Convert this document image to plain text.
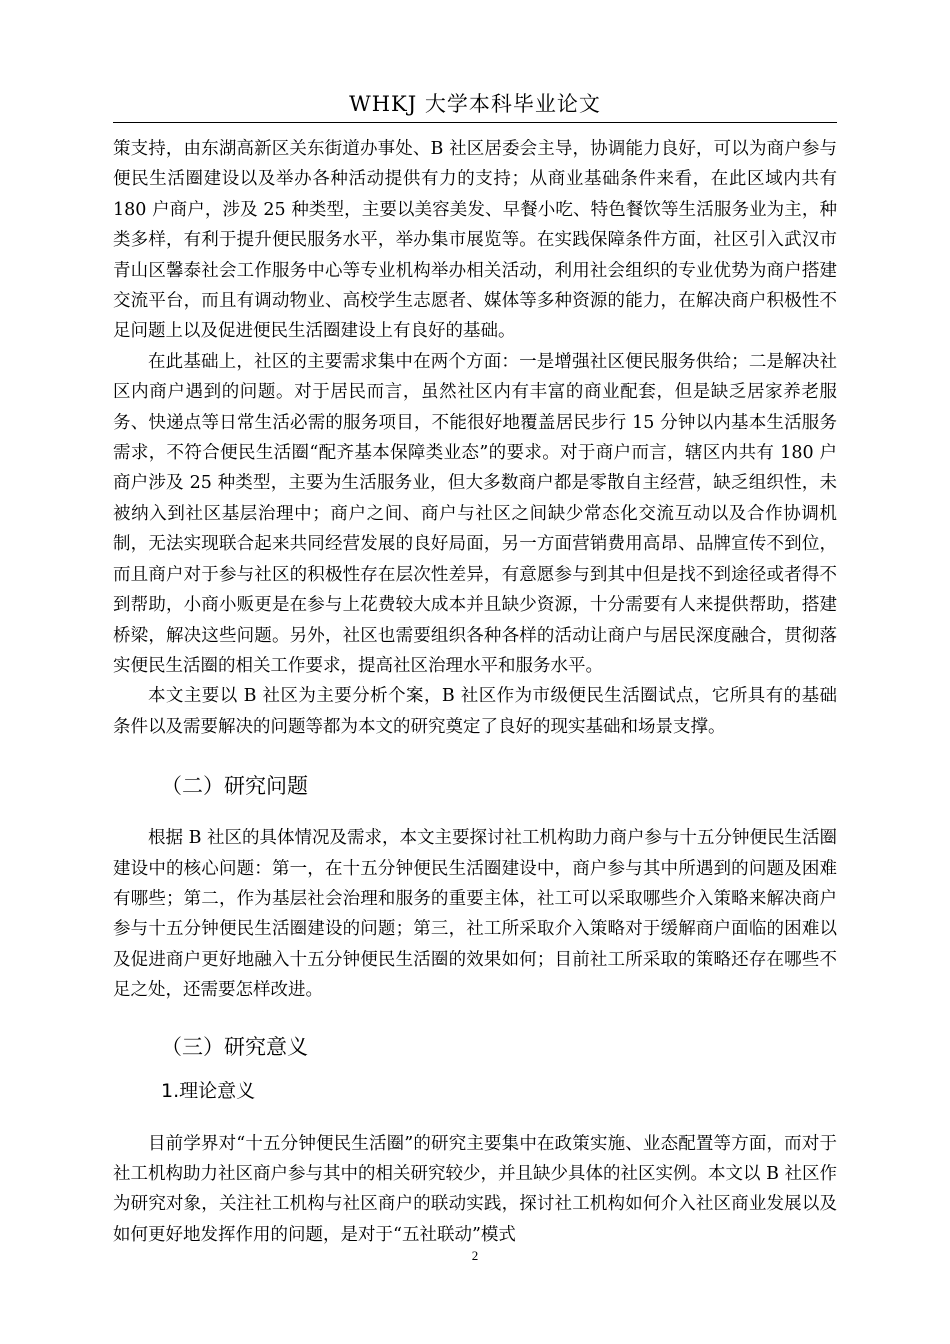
WHKJ 大学本科毕业论文

策支持，由东湖高新区关东街道办事处、B 社区居委会主导，协调能力良好，可以为商户参与便民生活圈建设以及举办各种活动提供有力的支持；从商业基础条件来看，在此区域内共有 180 户商户，涉及 25 种类型，主要以美容美发、早餐小吃、特色餐饮等生活服务业为主，种类多样，有利于提升便民服务水平，举办集市展览等。在实践保障条件方面，社区引入武汉市青山区馨泰社会工作服务中心等专业机构举办相关活动，利用社会组织的专业优势为商户搭建交流平台，而且有调动物业、高校学生志愿者、媒体等多种资源的能力，在解决商户积极性不足问题上以及促进便民生活圈建设上有良好的基础。

在此基础上，社区的主要需求集中在两个方面：一是增强社区便民服务供给；二是解决社区内商户遇到的问题。对于居民而言，虽然社区内有丰富的商业配套，但是缺乏居家养老服务、快递点等日常生活必需的服务项目，不能很好地覆盖居民步行 15 分钟以内基本生活服务需求，不符合便民生活圈“配齐基本保障类业态”的要求。对于商户而言，辖区内共有 180 户商户涉及 25 种类型，主要为生活服务业，但大多数商户都是零散自主经营，缺乏组织性，未被纳入到社区基层治理中；商户之间、商户与社区之间缺少常态化交流互动以及合作协调机制，无法实现联合起来共同经营发展的良好局面，另一方面营销费用高昂、品牌宣传不到位，而且商户对于参与社区的积极性存在层次性差异，有意愿参与到其中但是找不到途径或者得不到帮助，小商小贩更是在参与上花费较大成本并且缺少资源，十分需要有人来提供帮助，搭建桥梁，解决这些问题。另外，社区也需要组织各种各样的活动让商户与居民深度融合，贯彻落实便民生活圈的相关工作要求，提高社区治理水平和服务水平。

本文主要以 B 社区为主要分析个案，B 社区作为市级便民生活圈试点，它所具有的基础条件以及需要解决的问题等都为本文的研究奠定了良好的现实基础和场景支撑。

（二）研究问题

根据 B 社区的具体情况及需求，本文主要探讨社工机构助力商户参与十五分钟便民生活圈建设中的核心问题：第一，在十五分钟便民生活圈建设中，商户参与其中所遇到的问题及困难有哪些；第二，作为基层社会治理和服务的重要主体，社工可以采取哪些介入策略来解决商户参与十五分钟便民生活圈建设的问题；第三，社工所采取介入策略对于缓解商户面临的困难以及促进商户更好地融入十五分钟便民生活圈的效果如何；目前社工所采取的策略还存在哪些不足之处，还需要怎样改进。

（三）研究意义
1.理论意义

目前学界对“十五分钟便民生活圈”的研究主要集中在政策实施、业态配置等方面，而对于社工机构助力社区商户参与其中的相关研究较少，并且缺少具体的社区实例。本文以 B 社区作为研究对象，关注社工机构与社区商户的联动实践，探讨社工机构如何介入社区商业发展以及如何更好地发挥作用的问题，是对于“五社联动”模式

2
